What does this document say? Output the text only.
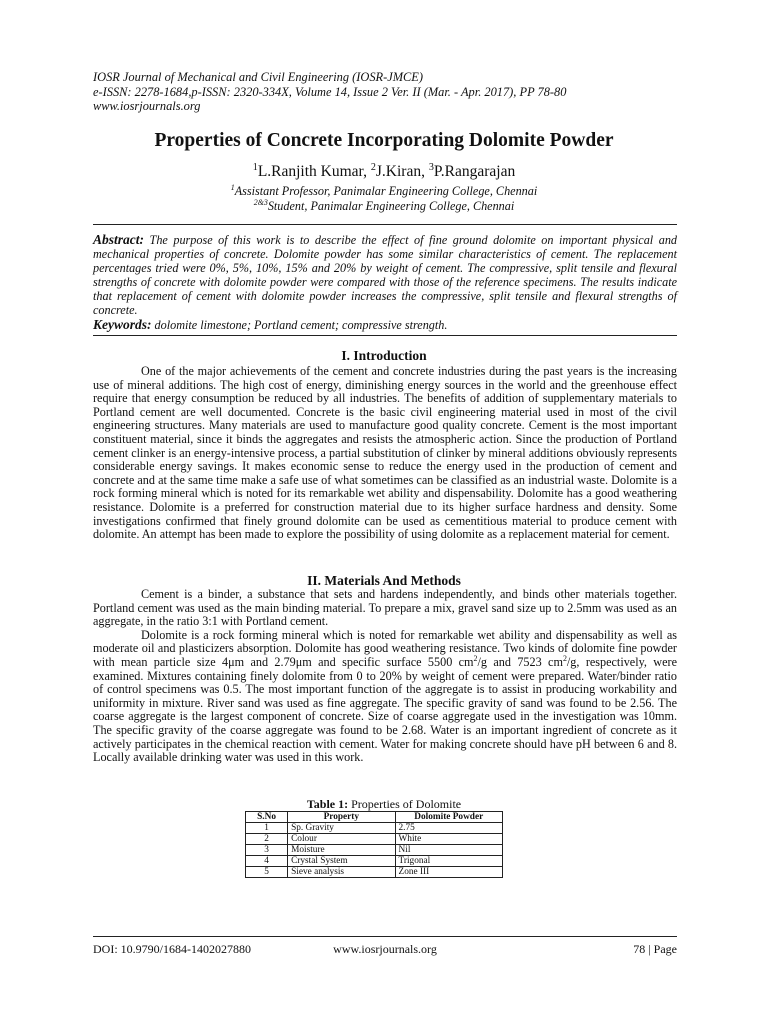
IOSR Journal of Mechanical and Civil Engineering (IOSR-JMCE)
e-ISSN: 2278-1684,p-ISSN: 2320-334X, Volume 14, Issue 2 Ver. II (Mar. - Apr. 2017), PP 78-80
www.iosrjournals.org
Properties of Concrete Incorporating Dolomite Powder
$^1$L.Ranjith Kumar, $^2$J.Kiran, $^3$P.Rangarajan
$^1$Assistant Professor, Panimalar Engineering College, Chennai
$^{2\&3}$Student, Panimalar Engineering College, Chennai
Abstract: The purpose of this work is to describe the effect of fine ground dolomite on important physical and mechanical properties of concrete. Dolomite powder has some similar characteristics of cement. The replacement percentages tried were 0%, 5%, 10%, 15% and 20% by weight of cement. The compressive, split tensile and flexural strengths of concrete with dolomite powder were compared with those of the reference specimens. The results indicate that replacement of cement with dolomite powder increases the compressive, split tensile and flexural strengths of concrete.
Keywords: dolomite limestone; Portland cement; compressive strength.
I. Introduction

One of the major achievements of the cement and concrete industries during the past years is the increasing use of mineral additions. The high cost of energy, diminishing energy sources in the world and the greenhouse effect require that energy consumption be reduced by all industries. The benefits of addition of supplementary materials to Portland cement are well documented. Concrete is the basic civil engineering material used in most of the civil engineering structures. Many materials are used to manufacture good quality concrete. Cement is the most important constituent material, since it binds the aggregates and resists the atmospheric action. Since the production of Portland cement clinker is an energy-intensive process, a partial substitution of clinker by mineral additions obviously represents considerable energy savings. It makes economic sense to reduce the energy used in the production of cement and concrete and at the same time make a safe use of what sometimes can be classified as an industrial waste. Dolomite is a rock forming mineral which is noted for its remarkable wet ability and dispensability. Dolomite has a good weathering resistance. Dolomite is a preferred for construction material due to its higher surface hardness and density. Some investigations confirmed that finely ground dolomite can be used as cementitious material to produce cement with dolomite. An attempt has been made to explore the possibility of using dolomite as a replacement material for cement.

II. Materials And Methods

Cement is a binder, a substance that sets and hardens independently, and binds other materials together. Portland cement was used as the main binding material. To prepare a mix, gravel sand size up to 2.5mm was used as an aggregate, in the ratio 3:1 with Portland cement.

Dolomite is a rock forming mineral which is noted for remarkable wet ability and dispensability as well as moderate oil and plasticizers absorption. Dolomite has good weathering resistance. Two kinds of dolomite fine powder with mean particle size 4μm and 2.79μm and specific surface 5500 $cm^2/g$ and 7523 $cm^2/g$, respectively, were examined. Mixtures containing finely dolomite from 0 to 20% by weight of cement were prepared. Water/binder ratio of control specimens was 0.5. The most important function of the aggregate is to assist in producing workability and uniformity in mixture. River sand was used as fine aggregate. The specific gravity of sand was found to be 2.56. The coarse aggregate is the largest component of concrete. Size of coarse aggregate used in the investigation was 10mm. The specific gravity of the coarse aggregate was found to be 2.68. Water is an important ingredient of concrete as it actively participates in the chemical reaction with cement. Water for making concrete should have pH between 6 and 8. Locally available drinking water was used in this work.

Table 1: Properties of Dolomite
S.No	Property	Dolomite Powder
1	Sp. Gravity	2.75
2	Colour	White
3	Moisture	Nil
4	Crystal System	Trigonal
5	Sieve analysis	Zone III
DOI: 10.9790/1684-1402027880	www.iosrjournals.org	78 | Page
